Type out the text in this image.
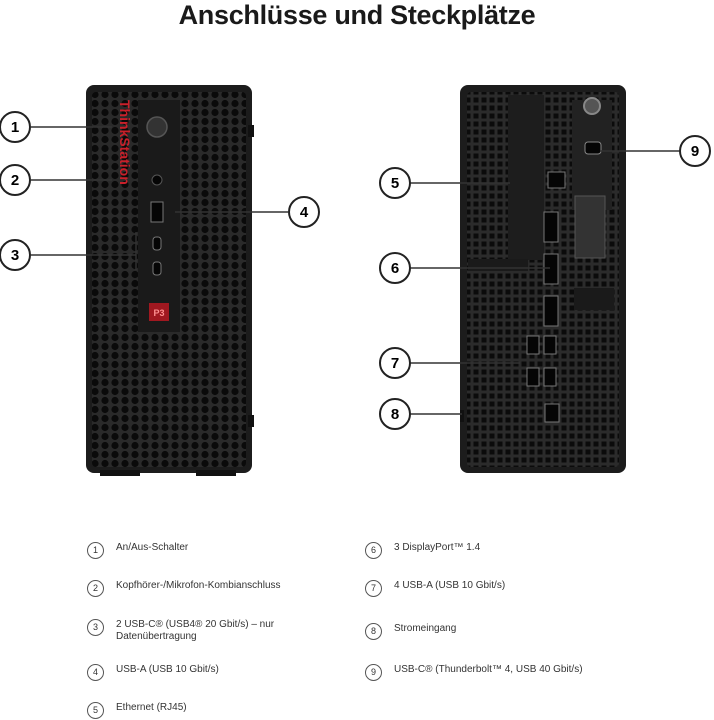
Anschlüsse und Steckplätze
P3
ThinkStation
1
2
3
4
5
6
7
8
9
1	An/Aus-Schalter
2	Kopfhörer-/Mikrofon-Kombianschluss
3	2 USB-C® (USB4® 20 Gbit/s) – nur Datenübertragung
4	USB-A (USB 10 Gbit/s)
5	Ethernet (RJ45)
6	3 DisplayPort™ 1.4
7	4 USB-A (USB 10 Gbit/s)
8	Stromeingang
9	USB-C® (Thunderbolt™ 4, USB 40 Gbit/s)
